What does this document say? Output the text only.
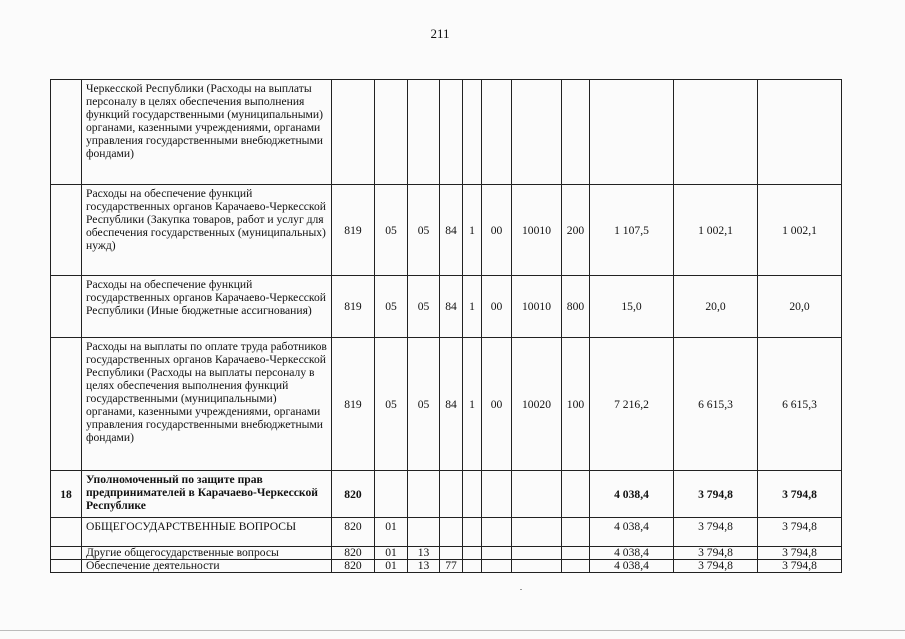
211
	Черкесской Республики (Расходы на выплаты персоналу в целях обеспечения выполнения функций государственными (муниципальными) органами, казенными учреждениями, органами управления государственными внебюджетными фондами)											
	Расходы на обеспечение функций государственных органов Карачаево-Черкесской Республики (Закупка товаров, работ и услуг для обеспечения государственных (муниципальных) нужд)	819	05	05	84	1	00	10010	200	1 107,5	1 002,1	1 002,1
	Расходы на обеспечение функций государственных органов Карачаево-Черкесской Республики (Иные бюджетные ассигнования)	819	05	05	84	1	00	10010	800	15,0	20,0	20,0
	Расходы на выплаты по оплате труда работников государственных органов Карачаево-Черкесской Республики (Расходы на выплаты персоналу в целях обеспечения выполнения функций государственными (муниципальными) органами, казенными учреждениями, органами управления государственными внебюджетными фондами)	819	05	05	84	1	00	10020	100	7 216,2	6 615,3	6 615,3
18	Уполномоченный по защите прав предпринимателей в Карачаево-Черкесской Республике	820								4 038,4	3 794,8	3 794,8
	ОБЩЕГОСУДАРСТВЕННЫЕ ВОПРОСЫ	820	01							4 038,4	3 794,8	3 794,8
	Другие общегосударственные вопросы	820	01	13						4 038,4	3 794,8	3 794,8
	Обеспечение деятельности	820	01	13	77					4 038,4	3 794,8	3 794,8
